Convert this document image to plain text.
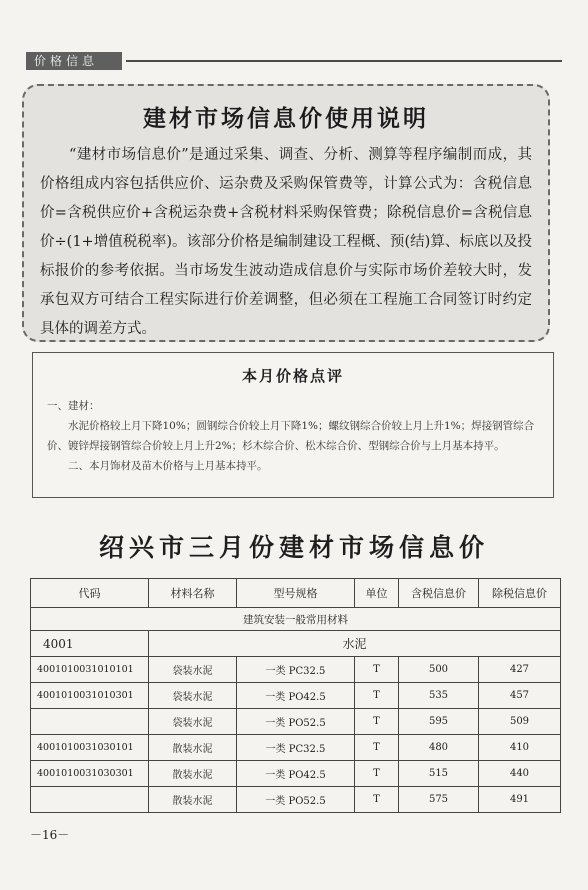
价格信息
建材市场信息价使用说明

“建材市场信息价”是通过采集、调查、分析、测算等程序编制而成，其价格组成内容包括供应价、运杂费及采购保管费等，计算公式为：含税信息价=含税供应价+含税运杂费+含税材料采购保管费；除税信息价=含税信息价÷(1+增值税税率)。该部分价格是编制建设工程概、预(结)算、标底以及投标报价的参考依据。当市场发生波动造成信息价与实际市场价差较大时，发承包双方可结合工程实际进行价差调整，但必须在工程施工合同签订时约定具体的调差方式。

本月价格点评

一、建材：

水泥价格较上月下降10%；圆钢综合价较上月下降1%；螺纹钢综合价较上月上升1%；焊接钢管综合价、镀锌焊接钢管综合价较上月上升2%；杉木综合价、松木综合价、型钢综合价与上月基本持平。

二、本月饰材及苗木价格与上月基本持平。

绍兴市三月份建材市场信息价
代码	材料名称	型号规格	单位	含税信息价	除税信息价
建筑安装一般常用材料					
4001	水泥				
4001010031010101	袋装水泥	一类 PC32.5	T	500	427
4001010031010301	袋装水泥	一类 PO42.5	T	535	457
	袋装水泥	一类 PO52.5	T	595	509
4001010031030101	散装水泥	一类 PC32.5	T	480	410
4001010031030301	散装水泥	一类 PO42.5	T	515	440
	散装水泥	一类 PO52.5	T	575	491
－16－
